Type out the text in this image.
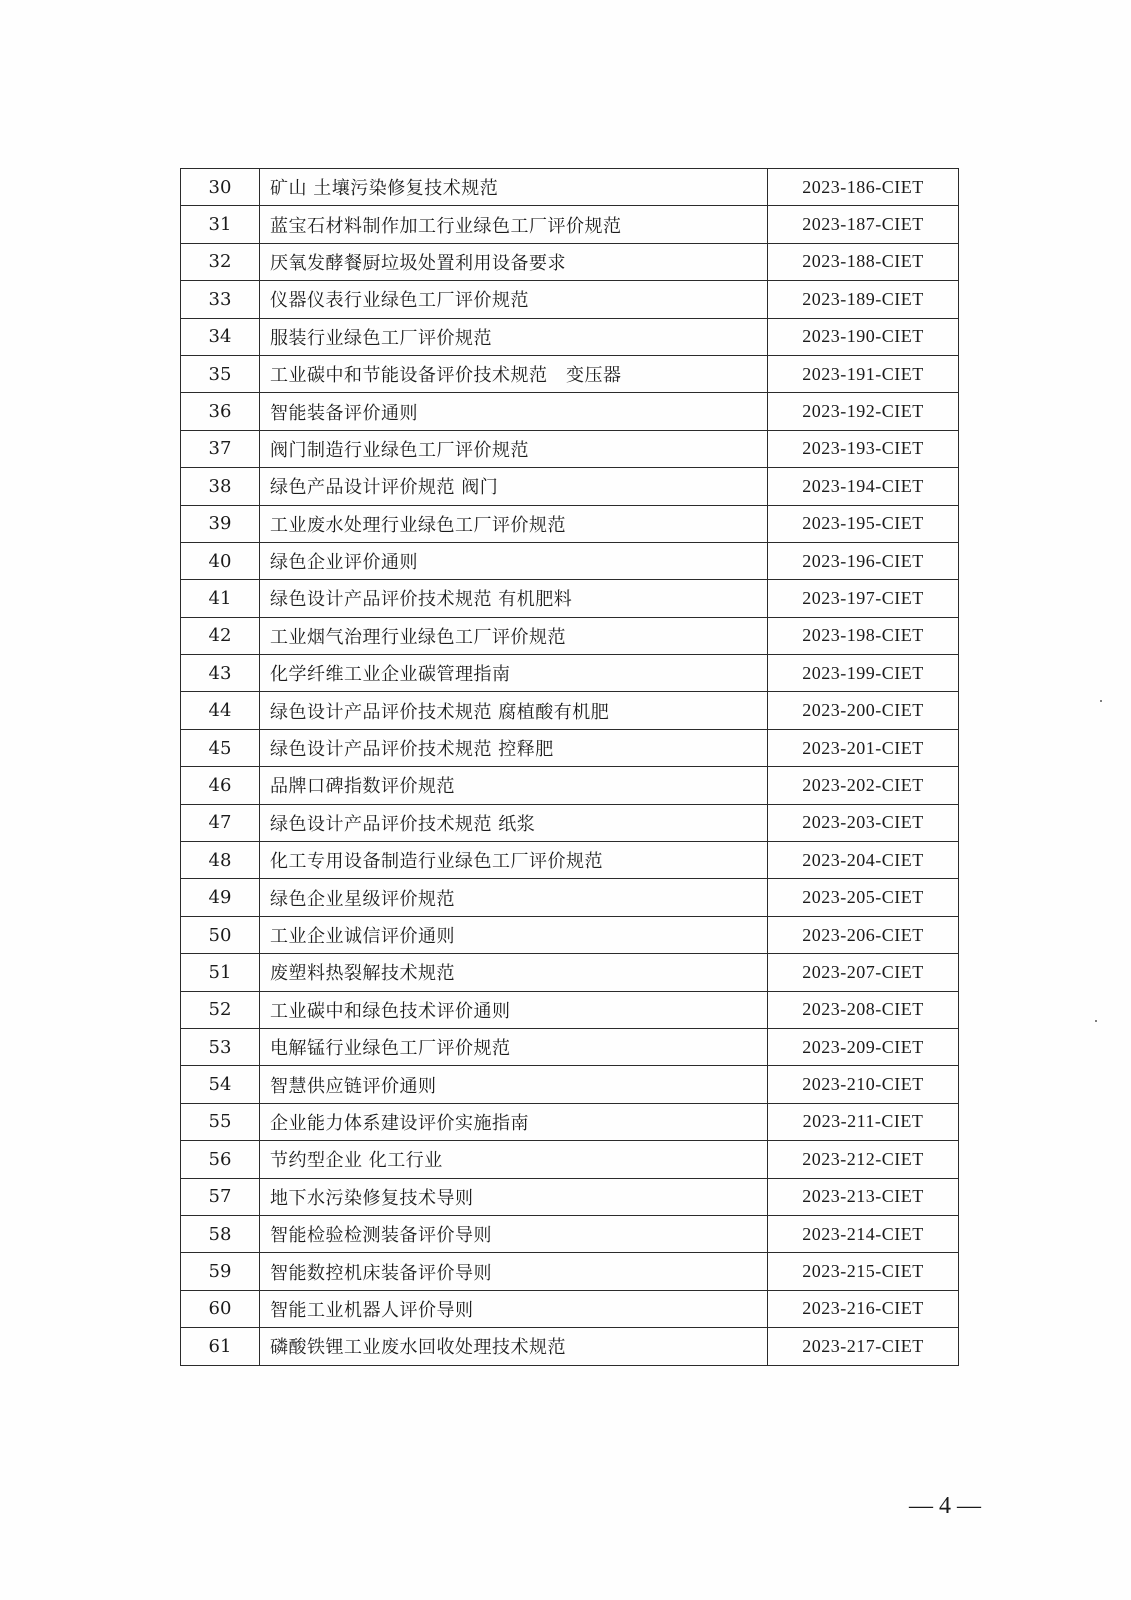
30	矿山 土壤污染修复技术规范	2023-186-CIET
31	蓝宝石材料制作加工行业绿色工厂评价规范	2023-187-CIET
32	厌氧发酵餐厨垃圾处置利用设备要求	2023-188-CIET
33	仪器仪表行业绿色工厂评价规范	2023-189-CIET
34	服装行业绿色工厂评价规范	2023-190-CIET
35	工业碳中和节能设备评价技术规范　变压器	2023-191-CIET
36	智能装备评价通则	2023-192-CIET
37	阀门制造行业绿色工厂评价规范	2023-193-CIET
38	绿色产品设计评价规范 阀门	2023-194-CIET
39	工业废水处理行业绿色工厂评价规范	2023-195-CIET
40	绿色企业评价通则	2023-196-CIET
41	绿色设计产品评价技术规范 有机肥料	2023-197-CIET
42	工业烟气治理行业绿色工厂评价规范	2023-198-CIET
43	化学纤维工业企业碳管理指南	2023-199-CIET
44	绿色设计产品评价技术规范 腐植酸有机肥	2023-200-CIET
45	绿色设计产品评价技术规范 控释肥	2023-201-CIET
46	品牌口碑指数评价规范	2023-202-CIET
47	绿色设计产品评价技术规范 纸浆	2023-203-CIET
48	化工专用设备制造行业绿色工厂评价规范	2023-204-CIET
49	绿色企业星级评价规范	2023-205-CIET
50	工业企业诚信评价通则	2023-206-CIET
51	废塑料热裂解技术规范	2023-207-CIET
52	工业碳中和绿色技术评价通则	2023-208-CIET
53	电解锰行业绿色工厂评价规范	2023-209-CIET
54	智慧供应链评价通则	2023-210-CIET
55	企业能力体系建设评价实施指南	2023-211-CIET
56	节约型企业 化工行业	2023-212-CIET
57	地下水污染修复技术导则	2023-213-CIET
58	智能检验检测装备评价导则	2023-214-CIET
59	智能数控机床装备评价导则	2023-215-CIET
60	智能工业机器人评价导则	2023-216-CIET
61	磷酸铁锂工业废水回收处理技术规范	2023-217-CIET
— 4 —
